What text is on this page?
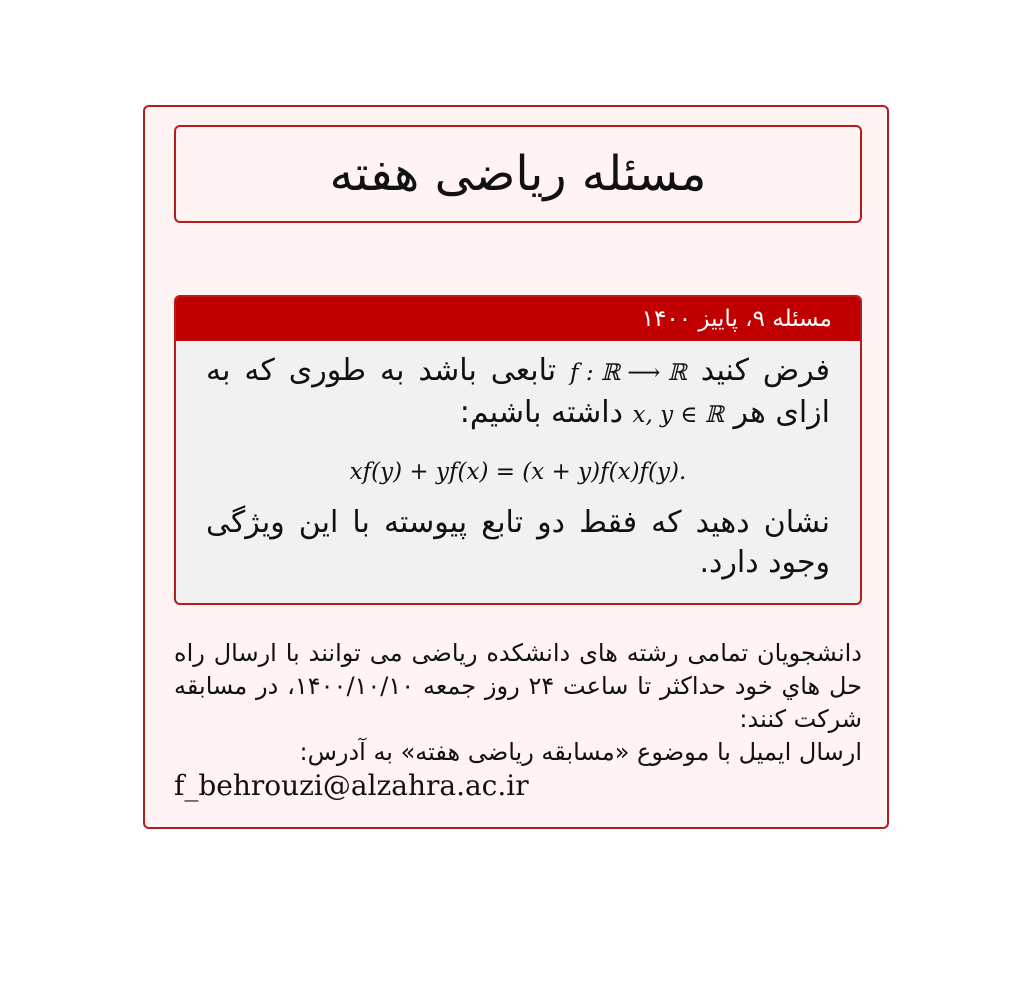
مسئله ریاضی هفته
مسئله ۹، پاییز ۱۴۰۰

فرض کنید f : ℝ ⟶ ℝ تابعی باشد به طوری که به ازای هر x, y ∈ ℝ داشته باشیم:

xf(y) + yf(x) = (x + y)f(x)f(y).

نشان دهید که فقط دو تابع پیوسته با این ویژگی وجود دارد.

دانشجویان تمامی رشته های دانشکده ریاضی می توانند با ارسال راه حل هاي خود حداکثر تا ساعت ۲۴ روز جمعه ۱۴۰۰/۱۰/۱۰، در مسابقه شرکت کنند:

ارسال ایمیل با موضوع «مسابقه ریاضی هفته» به آدرس:

f_behrouzi@alzahra.ac.ir
